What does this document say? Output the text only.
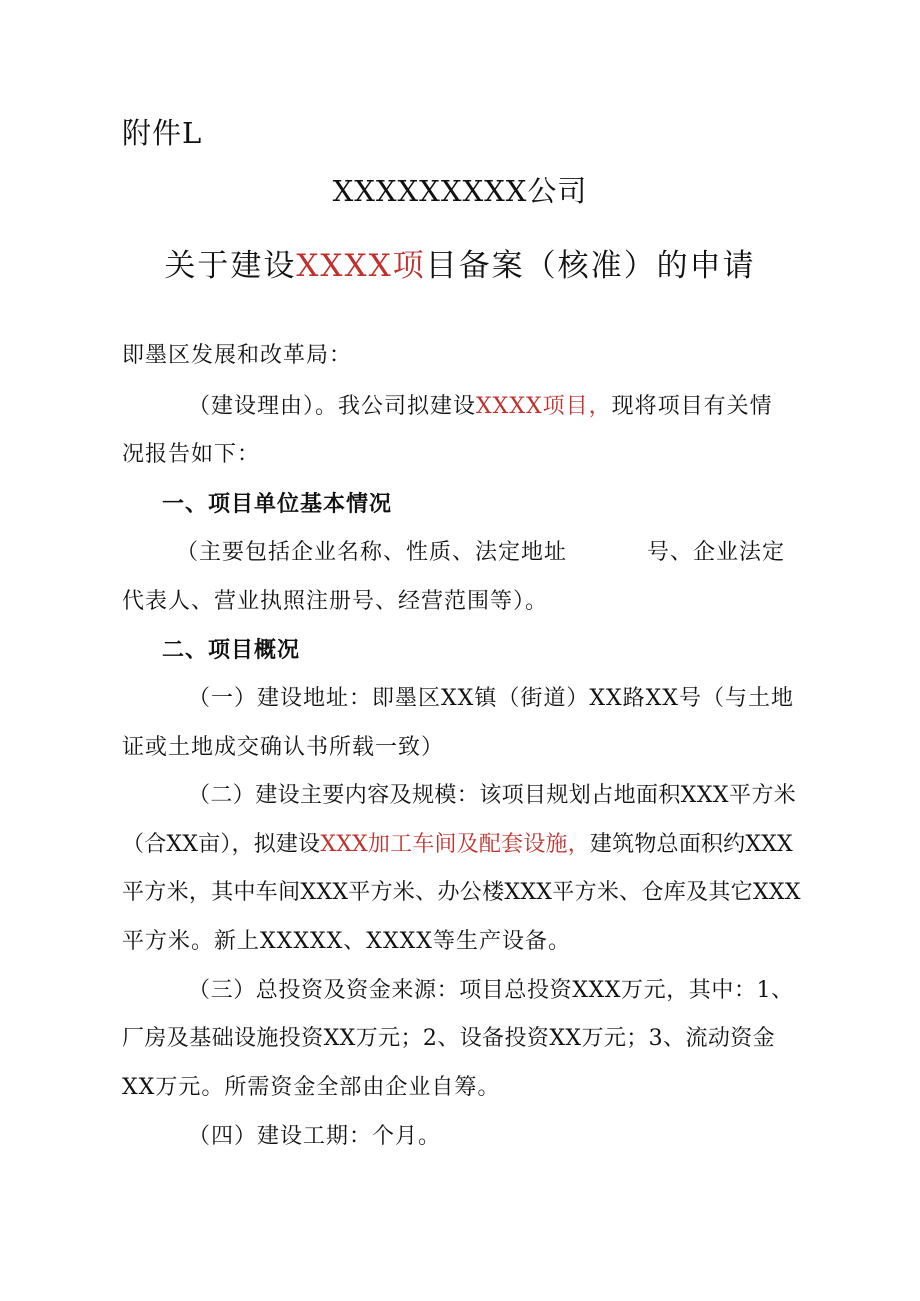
附件L
XXXXXXXXX公司
关于建设XXXX项目备案（核准）的申请
即墨区发展和改革局：
（建设理由）。我公司拟建设XXXX项目，现将项目有关情
况报告如下：
一、项目单位基本情况
（主要包括企业名称、性质、法定地址	号、企业法定
代表人、营业执照注册号、经营范围等）。
二、项目概况
（一）建设地址：即墨区XX镇（街道）XX路XX号（与土地
证或土地成交确认书所载一致）
（二）建设主要内容及规模：该项目规划占地面积XXX平方米
（合XX亩），拟建设XXX加工车间及配套设施，建筑物总面积约XXX
平方米，其中车间XXX平方米、办公楼XXX平方米、仓库及其它XXX
平方米。新上XXXXX、XXXX等生产设备。
（三）总投资及资金来源：项目总投资XXX万元，其中：1、
厂房及基础设施投资XX万元；2、设备投资XX万元；3、流动资金
XX万元。所需资金全部由企业自筹。
（四）建设工期：个月。
